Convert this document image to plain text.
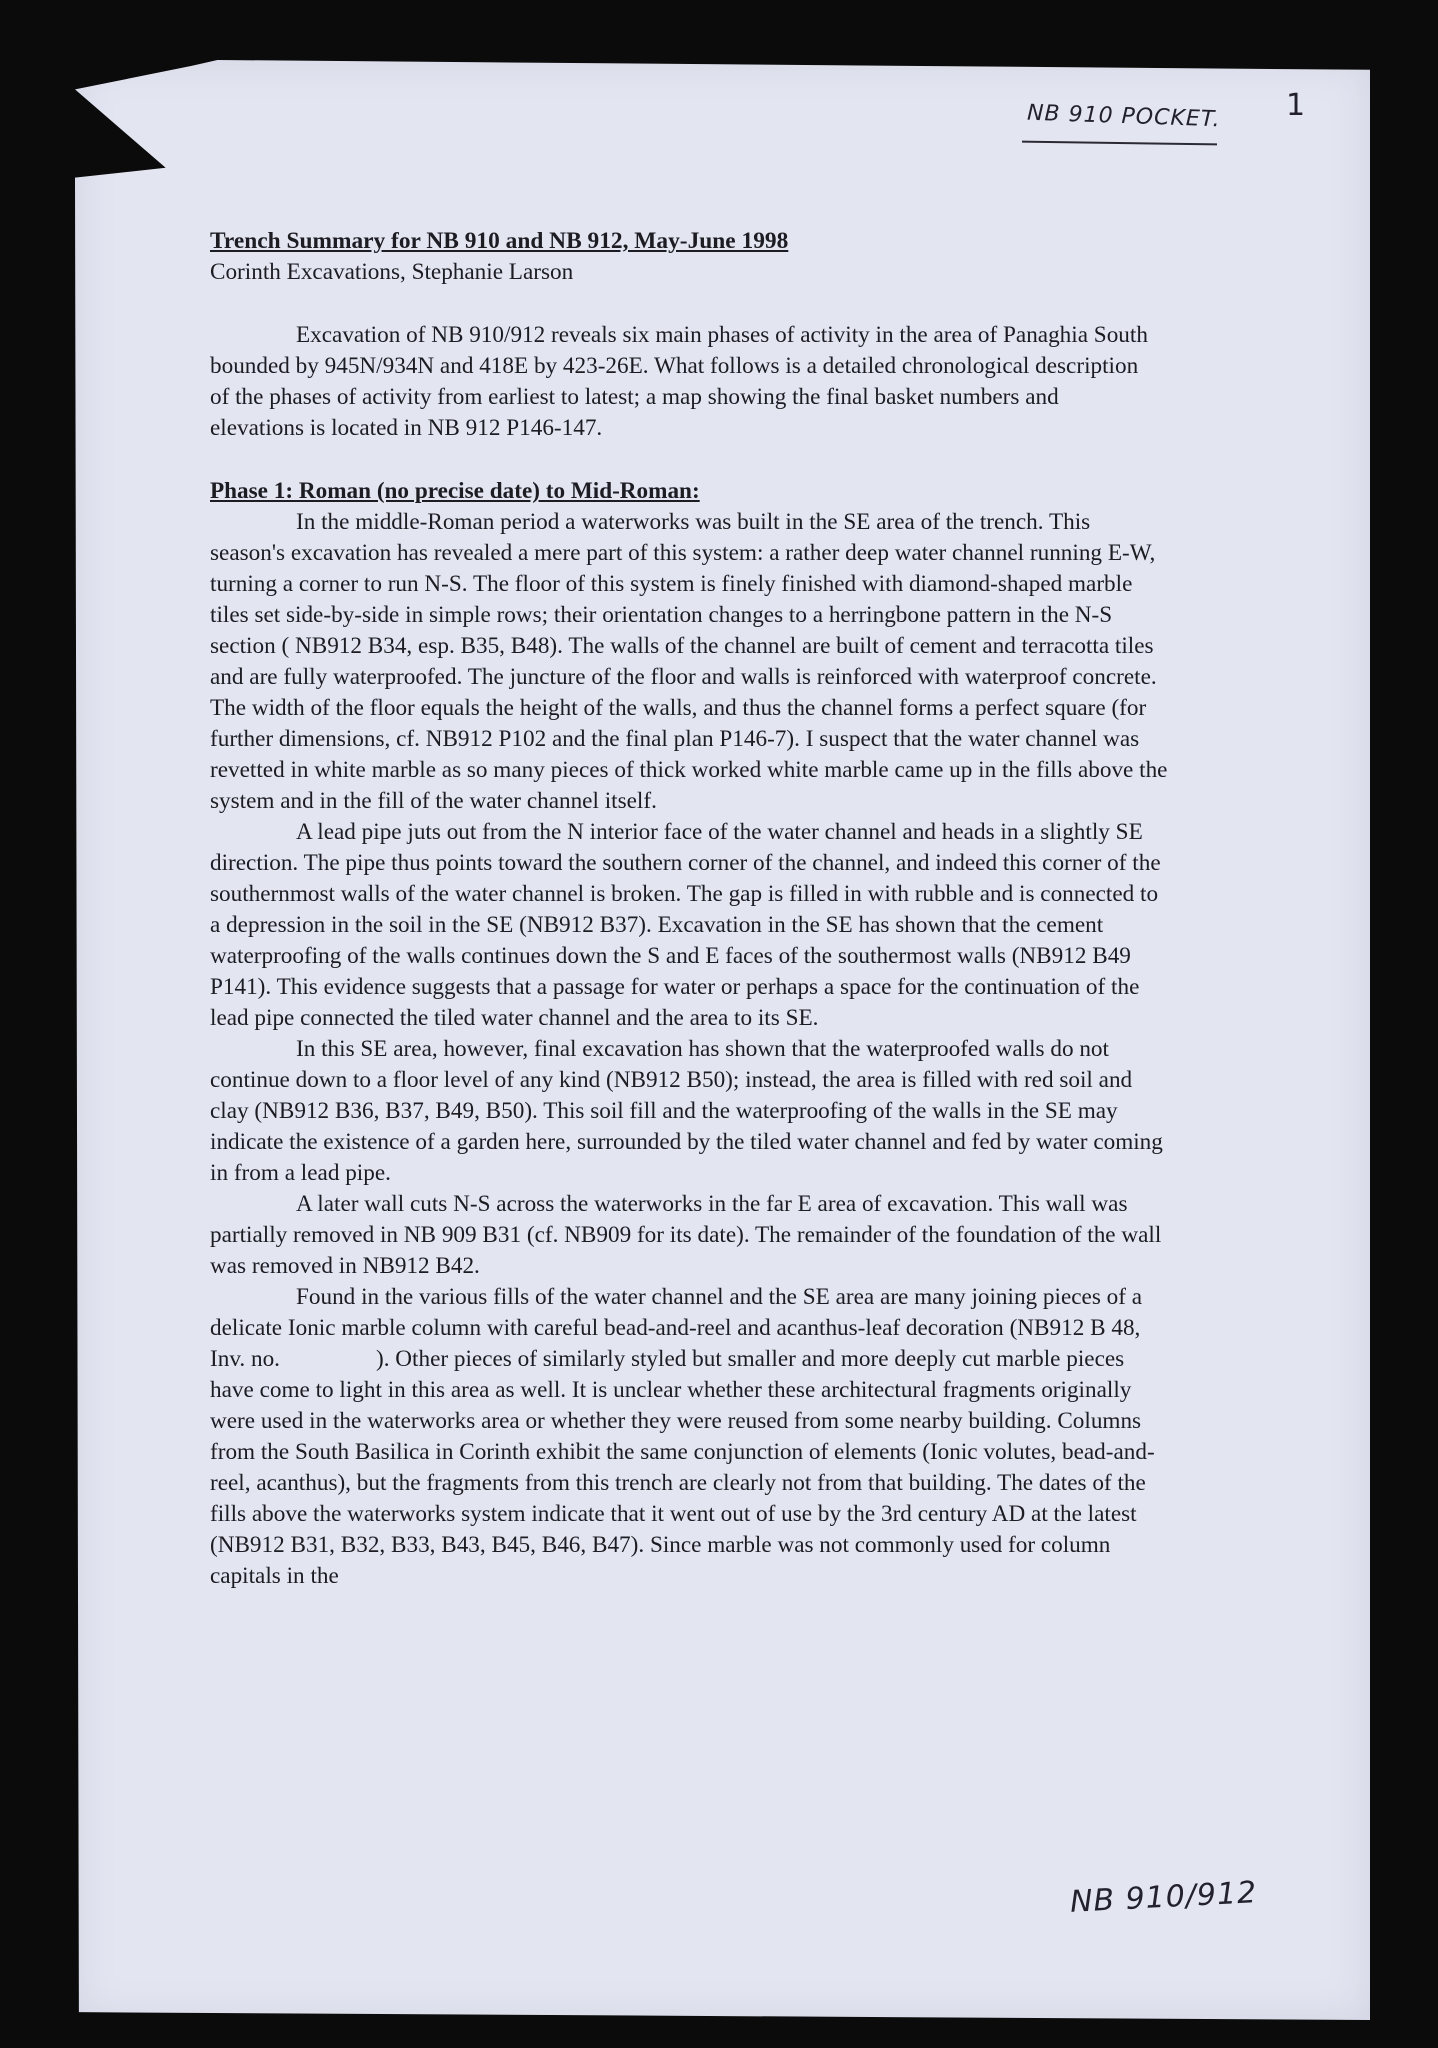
NB 910 POCKET. 1

Trench Summary for NB 910 and NB 912, May-June 1998

Corinth Excavations, Stephanie Larson

Excavation of NB 910/912 reveals six main phases of activity in the area of Panaghia South bounded by 945N/934N and 418E by 423-26E. What follows is a detailed chronological description of the phases of activity from earliest to latest; a map showing the final basket numbers and elevations is located in NB 912 P146-147.

Phase 1: Roman (no precise date) to Mid-Roman:

In the middle-Roman period a waterworks was built in the SE area of the trench. This season's excavation has revealed a mere part of this system: a rather deep water channel running E-W, turning a corner to run N-S. The floor of this system is finely finished with diamond-shaped marble tiles set side-by-side in simple rows; their orientation changes to a herringbone pattern in the N-S section ( NB912 B34, esp. B35, B48). The walls of the channel are built of cement and terracotta tiles and are fully waterproofed. The juncture of the floor and walls is reinforced with waterproof concrete. The width of the floor equals the height of the walls, and thus the channel forms a perfect square (for further dimensions, cf. NB912 P102 and the final plan P146-7). I suspect that the water channel was revetted in white marble as so many pieces of thick worked white marble came up in the fills above the system and in the fill of the water channel itself.

A lead pipe juts out from the N interior face of the water channel and heads in a slightly SE direction. The pipe thus points toward the southern corner of the channel, and indeed this corner of the southernmost walls of the water channel is broken. The gap is filled in with rubble and is connected to a depression in the soil in the SE (NB912 B37). Excavation in the SE has shown that the cement waterproofing of the walls continues down the S and E faces of the southermost walls (NB912 B49 P141). This evidence suggests that a passage for water or perhaps a space for the continuation of the lead pipe connected the tiled water channel and the area to its SE.

In this SE area, however, final excavation has shown that the waterproofed walls do not continue down to a floor level of any kind (NB912 B50); instead, the area is filled with red soil and clay (NB912 B36, B37, B49, B50). This soil fill and the waterproofing of the walls in the SE may indicate the existence of a garden here, surrounded by the tiled water channel and fed by water coming in from a lead pipe.

A later wall cuts N-S across the waterworks in the far E area of excavation. This wall was partially removed in NB 909 B31 (cf. NB909 for its date). The remainder of the foundation of the wall was removed in NB912 B42.

Found in the various fills of the water channel and the SE area are many joining pieces of a delicate Ionic marble column with careful bead-and-reel and acanthus-leaf decoration (NB912 B 48, Inv. no.	). Other pieces of similarly styled but smaller and more deeply cut marble pieces have come to light in this area as well. It is unclear whether these architectural fragments originally were used in the waterworks area or whether they were reused from some nearby building. Columns from the South Basilica in Corinth exhibit the same conjunction of elements (Ionic volutes, bead-and-reel, acanthus), but the fragments from this trench are clearly not from that building. The dates of the fills above the waterworks system indicate that it went out of use by the 3rd century AD at the latest (NB912 B31, B32, B33, B43, B45, B46, B47). Since marble was not commonly used for column capitals in the

NB 910/912
